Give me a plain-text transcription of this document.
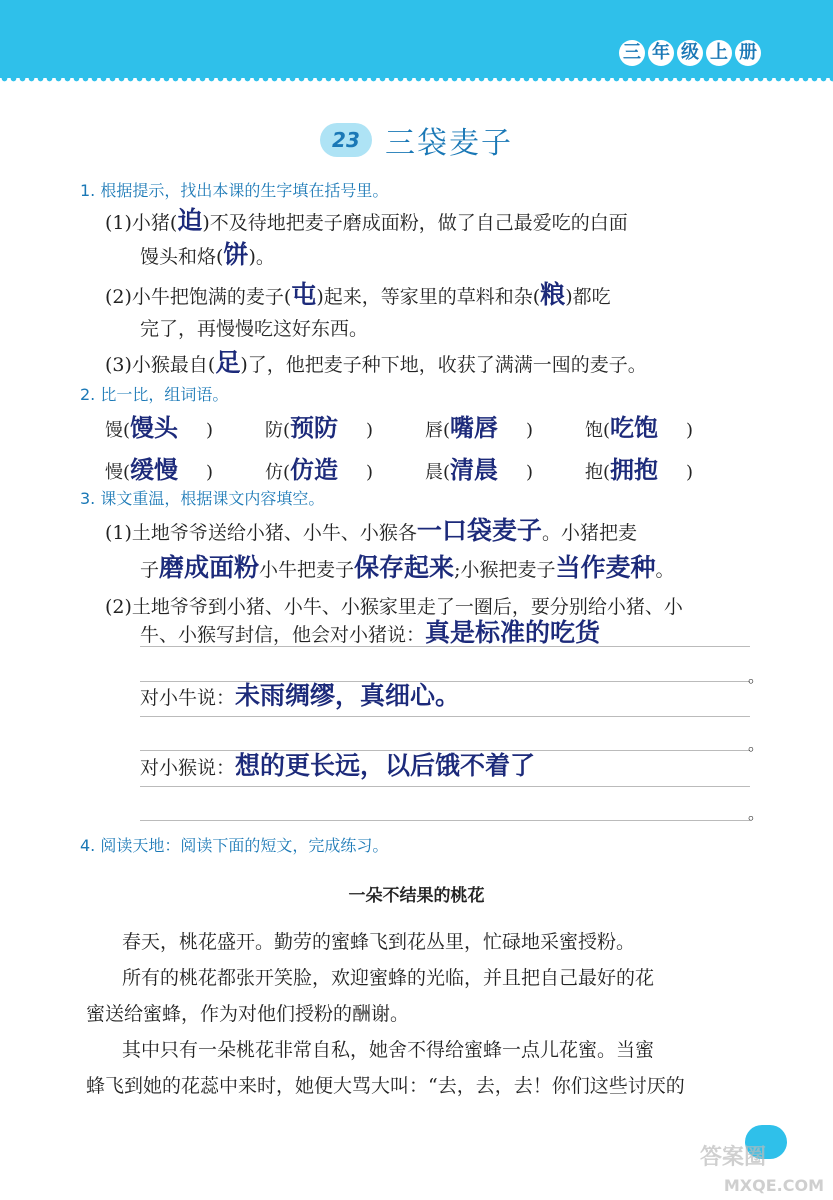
三 年 级 上 册
23 三袋麦子
1. 根据提示，找出本课的生字填在括号里。
(1)小猪(迫)不及待地把麦子磨成面粉，做了自己最爱吃的白面
馒头和烙(饼)。
(2)小牛把饱满的麦子(屯)起来，等家里的草料和杂(粮)都吃
完了，再慢慢吃这好东西。
(3)小猴最自(足)了，他把麦子种下地，收获了满满一囤的麦子。
2. 比一比，组词语。
馒(馒头 )	防(预防 )	唇(嘴唇 )	饱(吃饱 )
慢(缓慢 )	仿(仿造 )	晨(清晨 )	抱(拥抱 )
3. 课文重温，根据课文内容填空。
(1)土地爷爷送给小猪、小牛、小猴各一口袋麦子。小猪把麦
子磨成面粉小牛把麦子保存起来;小猴把麦子当作麦种。
(2)土地爷爷到小猪、小牛、小猴家里走了一圈后，要分别给小猪、小
牛、小猴写封信，他会对小猪说：真是标准的吃货
。
对小牛说：未雨绸缪，真细心。
。
对小猴说：想的更长远，以后饿不着了
。
4. 阅读天地：阅读下面的短文，完成练习。
一朵不结果的桃花

春天，桃花盛开。勤劳的蜜蜂飞到花丛里，忙碌地采蜜授粉。

所有的桃花都张开笑脸，欢迎蜜蜂的光临，并且把自己最好的花

蜜送给蜜蜂，作为对他们授粉的酬谢。

其中只有一朵桃花非常自私，她舍不得给蜜蜂一点儿花蜜。当蜜

蜂飞到她的花蕊中来时，她便大骂大叫：“去，去，去！你们这些讨厌的

答案圈
MXQE.COM
